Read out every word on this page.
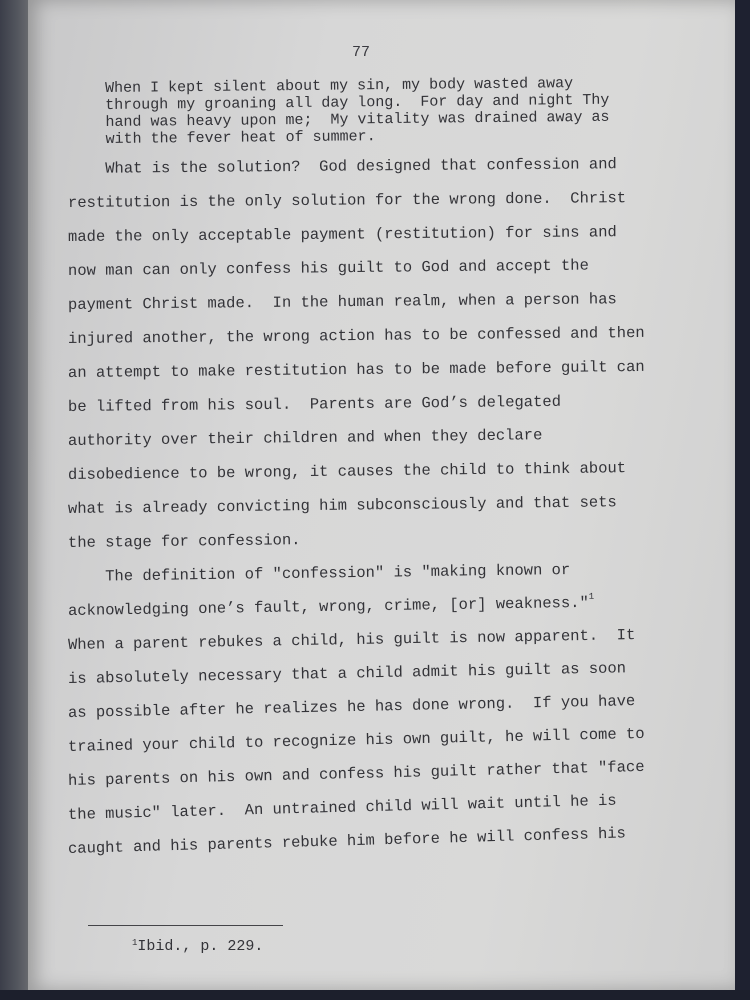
77
When I kept silent about my sin, my body wasted away
through my groaning all day long.  For day and night Thy
hand was heavy upon me;  My vitality was drained away as
with the fever heat of summer.
What is the solution?  God designed that confession and
restitution is the only solution for the wrong done.  Christ
made the only acceptable payment (restitution) for sins and
now man can only confess his guilt to God and accept the
payment Christ made.  In the human realm, when a person has
injured another, the wrong action has to be confessed and then
an attempt to make restitution has to be made before guilt can
be lifted from his soul.  Parents are God’s delegated
authority over their children and when they declare
disobedience to be wrong, it causes the child to think about
what is already convicting him subconsciously and that sets
the stage for confession.
The definition of "confession" is "making known or
acknowledging one’s fault, wrong, crime, [or] weakness."$^1$
When a parent rebukes a child, his guilt is now apparent.  It
is absolutely necessary that a child admit his guilt as soon
as possible after he realizes he has done wrong.  If you have
trained your child to recognize his own guilt, he will come to
his parents on his own and confess his guilt rather that "face
the music" later.  An untrained child will wait until he is
caught and his parents rebuke him before he will confess his
$^1$Ibid., p. 229.
